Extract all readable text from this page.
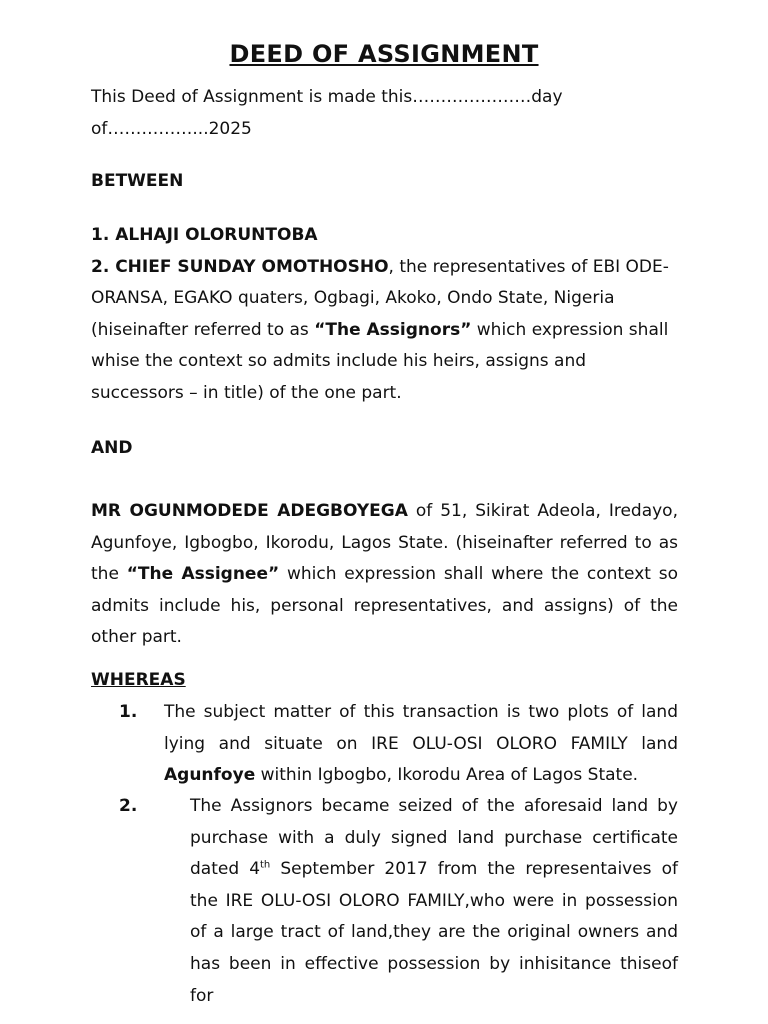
DEED OF ASSIGNMENT
This Deed of Assignment is made this…………………day
of……………...2025
BETWEEN
1. ALHAJI OLORUNTOBA
2. CHIEF SUNDAY OMOTHOSHO, the representatives of EBI ODE-ORANSA, EGAKO quaters, Ogbagi, Akoko, Ondo State, Nigeria (hiseinafter referred to as “The Assignors” which expression shall whise the context so admits include his heirs, assigns and successors – in title) of the one part.
AND
MR OGUNMODEDE ADEGBOYEGA of 51, Sikirat Adeola, Iredayo, Agunfoye, Igbogbo, Ikorodu, Lagos State. (hiseinafter referred to as the “The Assignee” which expression shall where the context so admits include his, personal representatives, and assigns) of the other part.
WHEREAS
1. The subject matter of this transaction is two plots of land lying and situate on IRE OLU-OSI OLORO FAMILY land Agunfoye within Igbogbo, Ikorodu Area of Lagos State.
2.	The Assignors became seized of the aforesaid land by purchase with a duly signed land purchase certificate dated 4th September 2017 from the representaives of the IRE OLU-OSI OLORO FAMILY,who were in possession of a large tract of land,they are the original owners and has been in effective possession by inhisitance thiseof for
